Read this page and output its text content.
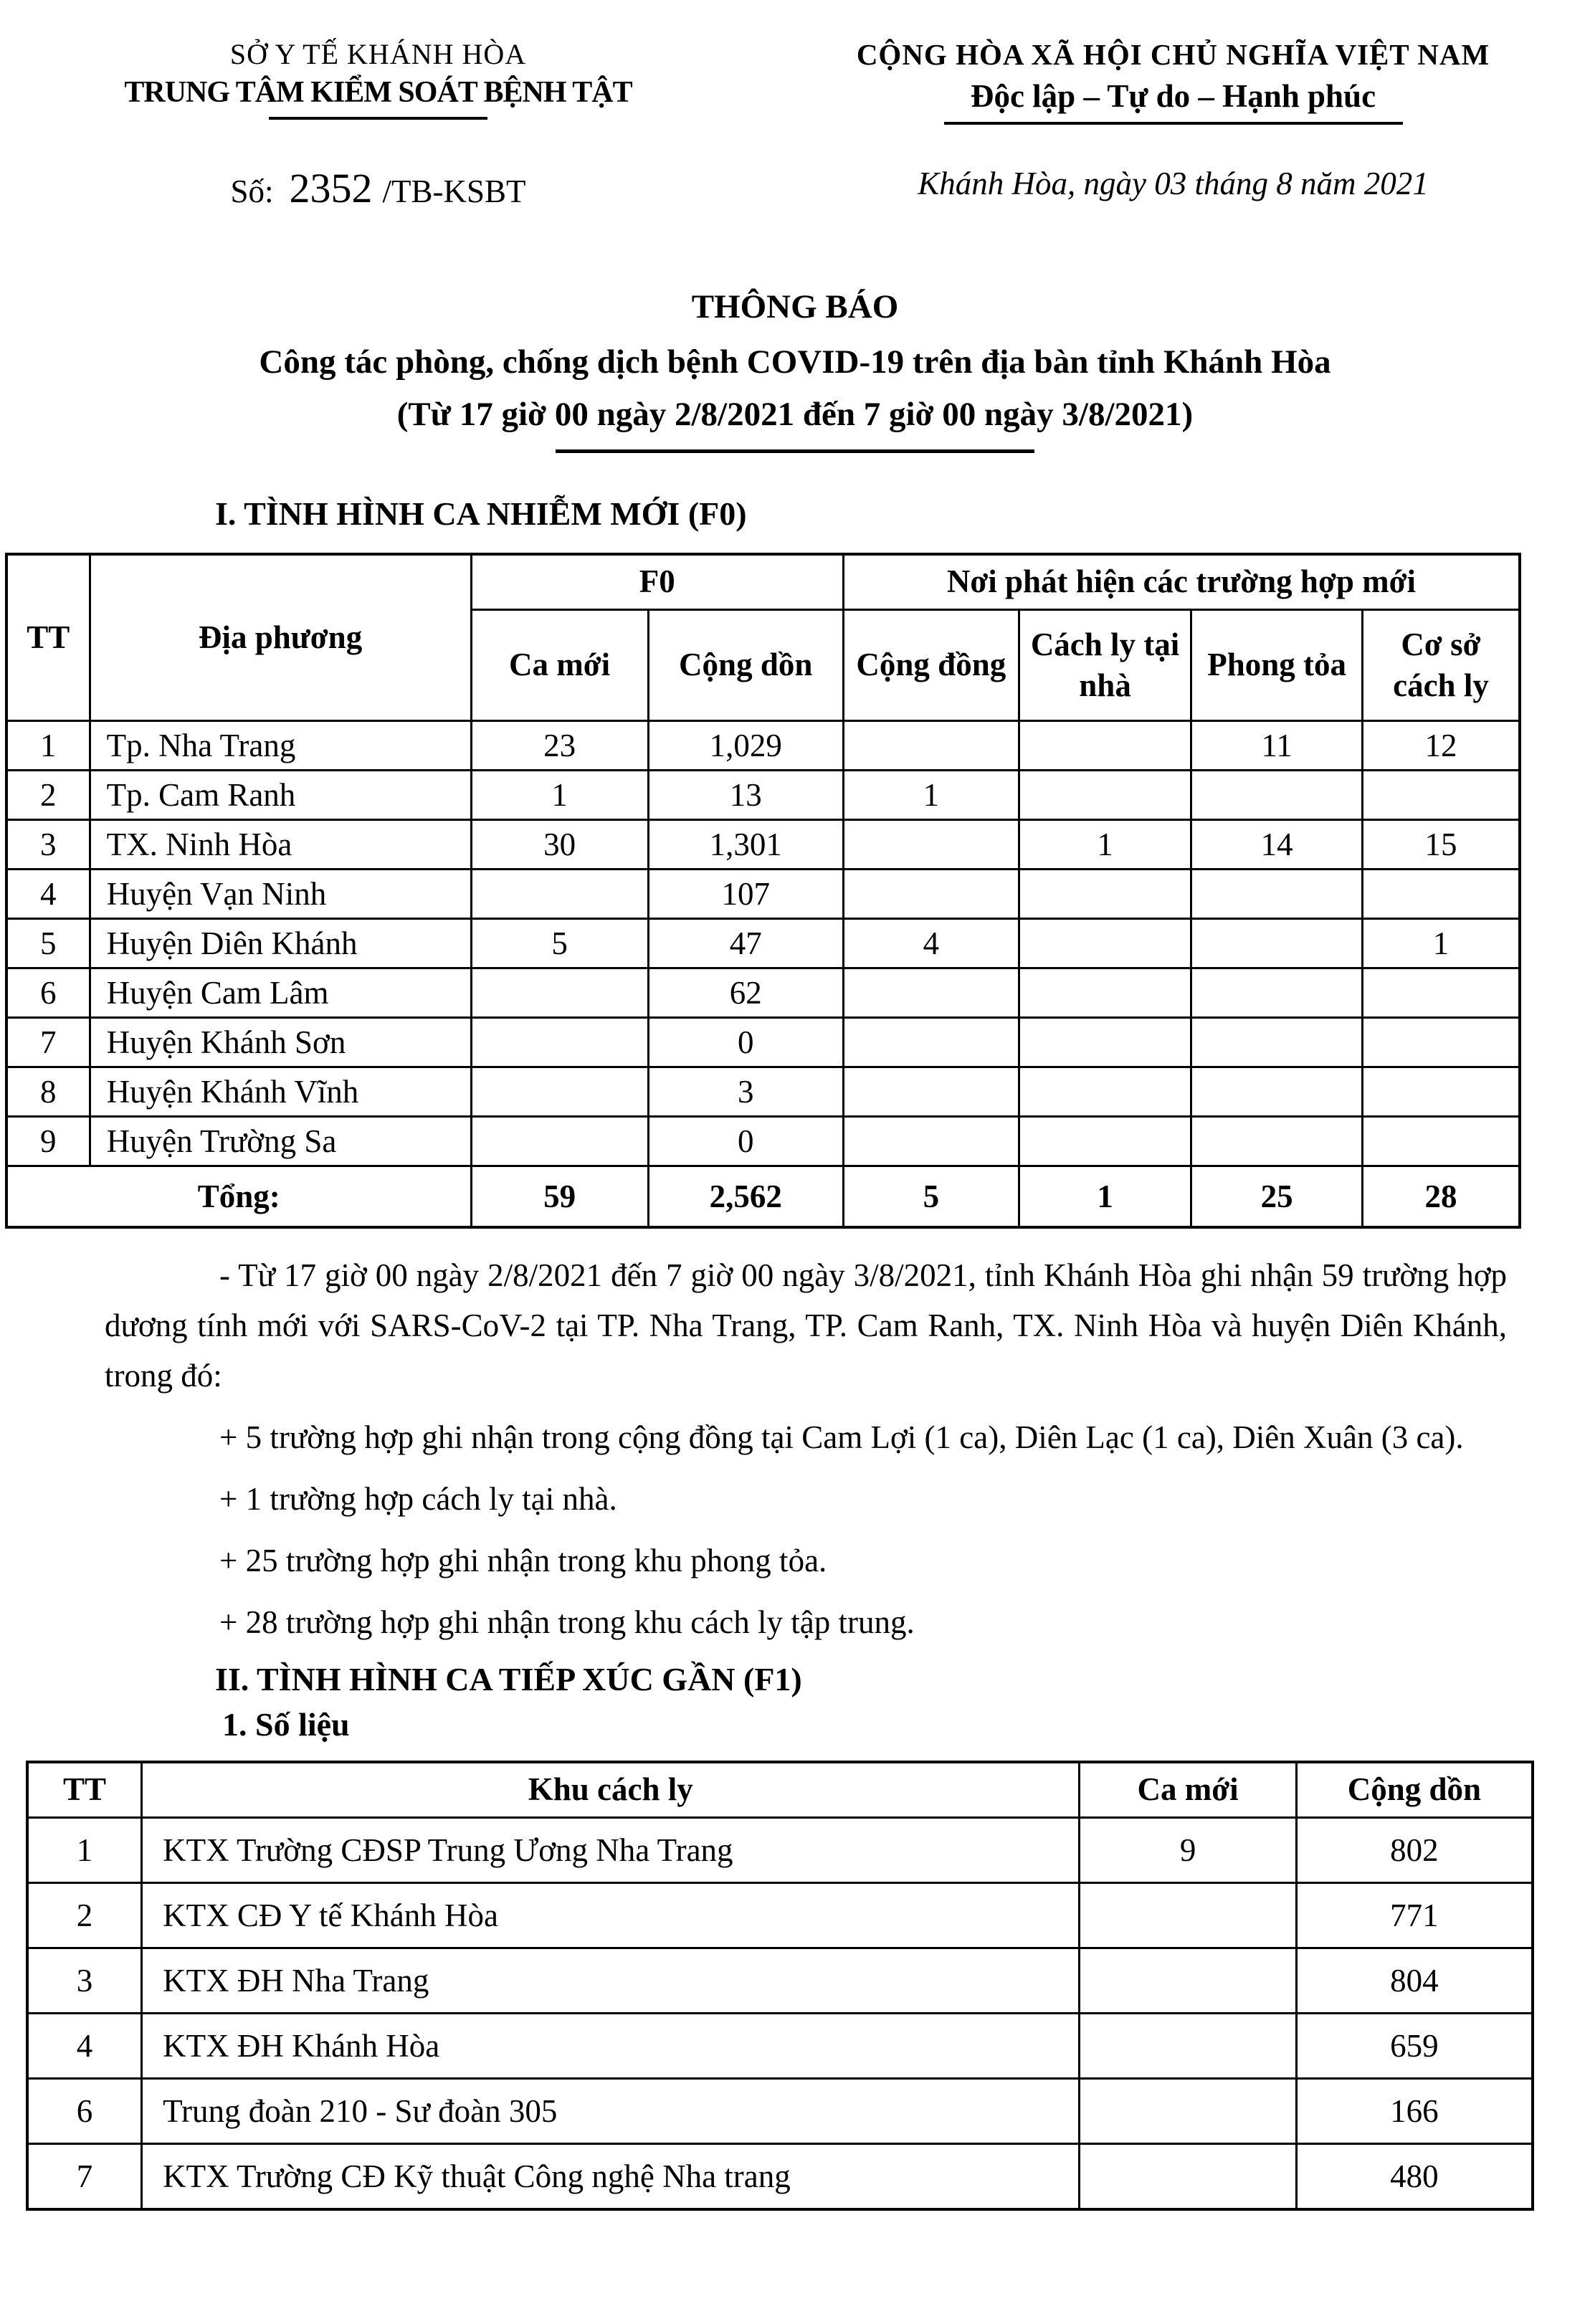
SỞ Y TẾ KHÁNH HÒA
TRUNG TÂM KIỂM SOÁT BỆNH TẬT
Số: 2352 /TB-KSBT
CỘNG HÒA XÃ HỘI CHỦ NGHĨA VIỆT NAM
Độc lập – Tự do – Hạnh phúc
Khánh Hòa, ngày 03 tháng 8 năm 2021
THÔNG BÁO
Công tác phòng, chống dịch bệnh COVID-19 trên địa bàn tỉnh Khánh Hòa
(Từ 17 giờ 00 ngày 2/8/2021 đến 7 giờ 00 ngày 3/8/2021)
I. TÌNH HÌNH CA NHIỄM MỚI (F0)
TT	Địa phương	F0		Nơi phát hiện các trường hợp mới			
		Ca mới	Cộng dồn	Cộng đồng	Cách ly tại nhà	Phong tỏa	Cơ sở cách ly
1	Tp. Nha Trang	23	1,029			11	12
2	Tp. Cam Ranh	1	13	1			
3	TX. Ninh Hòa	30	1,301		1	14	15
4	Huyện Vạn Ninh		107				
5	Huyện Diên Khánh	5	47	4			1
6	Huyện Cam Lâm		62				
7	Huyện Khánh Sơn		0				
8	Huyện Khánh Vĩnh		3				
9	Huyện Trường Sa		0				
Tổng:		59	2,562	5	1	25	28

- Từ 17 giờ 00 ngày 2/8/2021 đến 7 giờ 00 ngày 3/8/2021, tỉnh Khánh Hòa ghi nhận 59 trường hợp dương tính mới với SARS-CoV-2 tại TP. Nha Trang, TP. Cam Ranh, TX. Ninh Hòa và huyện Diên Khánh, trong đó:

+ 5 trường hợp ghi nhận trong cộng đồng tại Cam Lợi (1 ca), Diên Lạc (1 ca), Diên Xuân (3 ca).

+ 1 trường hợp cách ly tại nhà.

+ 25 trường hợp ghi nhận trong khu phong tỏa.

+ 28 trường hợp ghi nhận trong khu cách ly tập trung.

II. TÌNH HÌNH CA TIẾP XÚC GẦN (F1)
1. Số liệu
TT	Khu cách ly	Ca mới	Cộng dồn
1	KTX Trường CĐSP Trung Ương Nha Trang	9	802
2	KTX CĐ Y tế Khánh Hòa		771
3	KTX ĐH Nha Trang		804
4	KTX ĐH Khánh Hòa		659
6	Trung đoàn 210 - Sư đoàn 305		166
7	KTX Trường CĐ Kỹ thuật Công nghệ Nha trang		480
